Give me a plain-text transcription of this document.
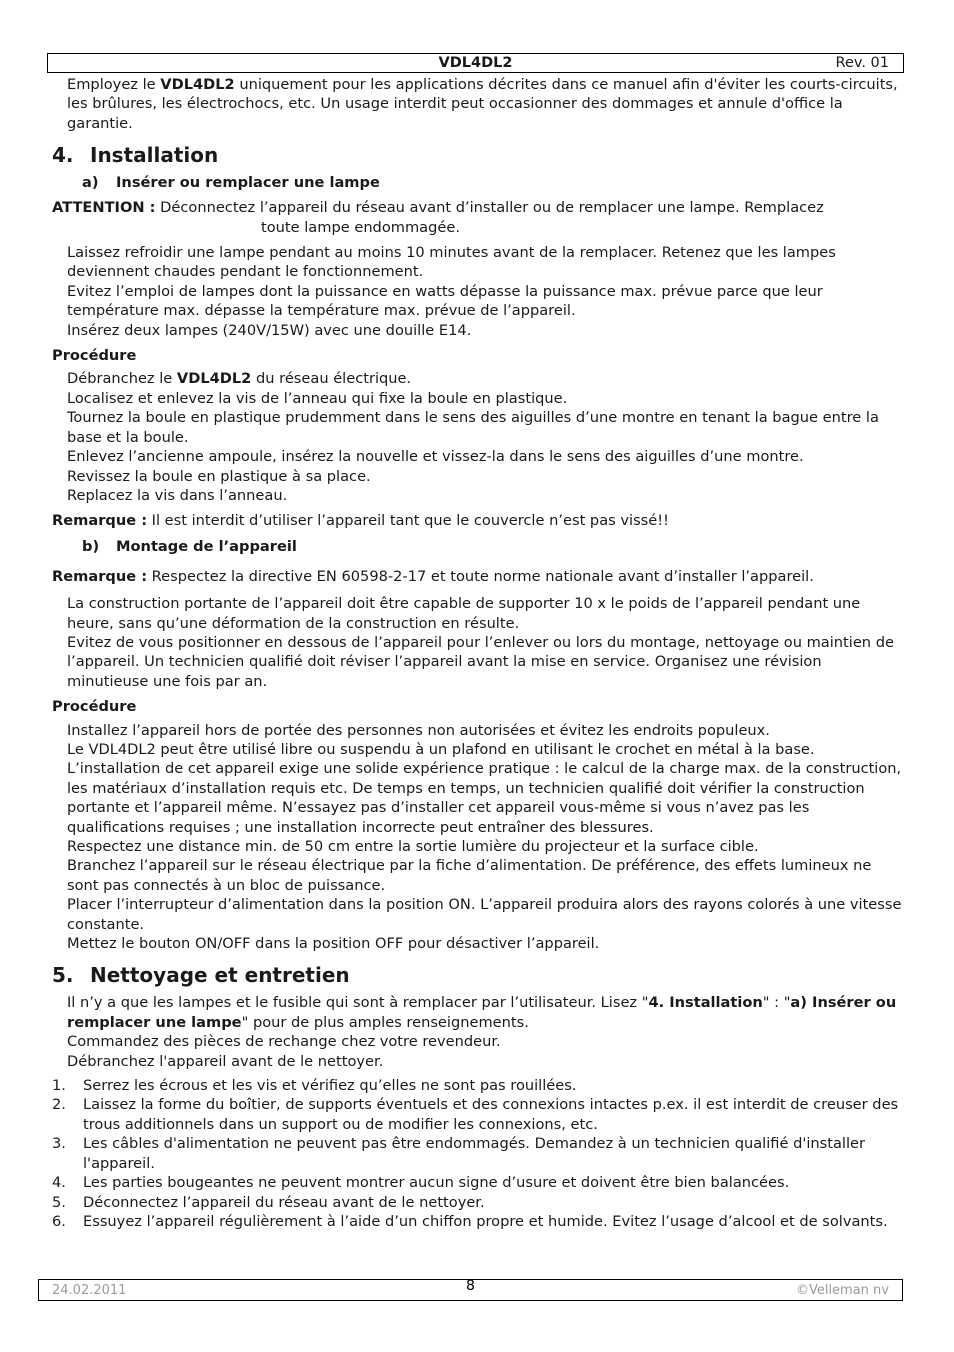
VDL4DL2	Rev. 01

Employez le VDL4DL2 uniquement pour les applications décrites dans ce manuel afin d'éviter les courts-circuits, les brûlures, les électrochocs, etc. Un usage interdit peut occasionner des dommages et annule d'office la garantie.

4. Installation
a) Insérer ou remplacer une lampe

ATTENTION : Déconnectez l’appareil du réseau avant d’installer ou de remplacer une lampe. Remplacez

toute lampe endommagée.

Laissez refroidir une lampe pendant au moins 10 minutes avant de la remplacer. Retenez que les lampes deviennent chaudes pendant le fonctionnement.

Evitez l’emploi de lampes dont la puissance en watts dépasse la puissance max. prévue parce que leur température max. dépasse la température max. prévue de l’appareil.

Insérez deux lampes (240V/15W) avec une douille E14.

Procédure

Débranchez le VDL4DL2 du réseau électrique.

Localisez et enlevez la vis de l’anneau qui fixe la boule en plastique.

Tournez la boule en plastique prudemment dans le sens des aiguilles d’une montre en tenant la bague entre la base et la boule.

Enlevez l’ancienne ampoule, insérez la nouvelle et vissez-la dans le sens des aiguilles d’une montre.

Revissez la boule en plastique à sa place.

Replacez la vis dans l’anneau.

Remarque : Il est interdit d’utiliser l’appareil tant que le couvercle n’est pas vissé!!

b) Montage de l’appareil

Remarque : Respectez la directive EN 60598-2-17 et toute norme nationale avant d’installer l’appareil.

La construction portante de l’appareil doit être capable de supporter 10 x le poids de l’appareil pendant une heure, sans qu’une déformation de la construction en résulte.

Evitez de vous positionner en dessous de l’appareil pour l’enlever ou lors du montage, nettoyage ou maintien de l’appareil. Un technicien qualifié doit réviser l’appareil avant la mise en service. Organisez une révision minutieuse une fois par an.

Procédure

Installez l’appareil hors de portée des personnes non autorisées et évitez les endroits populeux.

Le VDL4DL2 peut être utilisé libre ou suspendu à un plafond en utilisant le crochet en métal à la base.

L’installation de cet appareil exige une solide expérience pratique : le calcul de la charge max. de la construction, les matériaux d’installation requis etc. De temps en temps, un technicien qualifié doit vérifier la construction portante et l’appareil même. N’essayez pas d’installer cet appareil vous-même si vous n’avez pas les qualifications requises ; une installation incorrecte peut entraîner des blessures.

Respectez une distance min. de 50 cm entre la sortie lumière du projecteur et la surface cible.

Branchez l’appareil sur le réseau électrique par la fiche d’alimentation. De préférence, des effets lumineux ne sont pas connectés à un bloc de puissance.

Placer l’interrupteur d’alimentation dans la position ON. L’appareil produira alors des rayons colorés à une vitesse constante.

Mettez le bouton ON/OFF dans la position OFF pour désactiver l’appareil.

5. Nettoyage et entretien

Il n’y a que les lampes et le fusible qui sont à remplacer par l’utilisateur. Lisez "4. Installation" : "a) Insérer ou remplacer une lampe" pour de plus amples renseignements.

Commandez des pièces de rechange chez votre revendeur.

Débranchez l'appareil avant de le nettoyer.

1. Serrez les écrous et les vis et vérifiez qu’elles ne sont pas rouillées.
2. Laissez la forme du boîtier, de supports éventuels et des connexions intactes p.ex. il est interdit de creuser des trous additionnels dans un support ou de modifier les connexions, etc.
3. Les câbles d'alimentation ne peuvent pas être endommagés. Demandez à un technicien qualifié d'installer l'appareil.
4. Les parties bougeantes ne peuvent montrer aucun signe d’usure et doivent être bien balancées.
5. Déconnectez l’appareil du réseau avant de le nettoyer.
6. Essuyez l’appareil régulièrement à l’aide d’un chiffon propre et humide. Evitez l’usage d’alcool et de solvants.
24.02.2011	8	©Velleman nv
